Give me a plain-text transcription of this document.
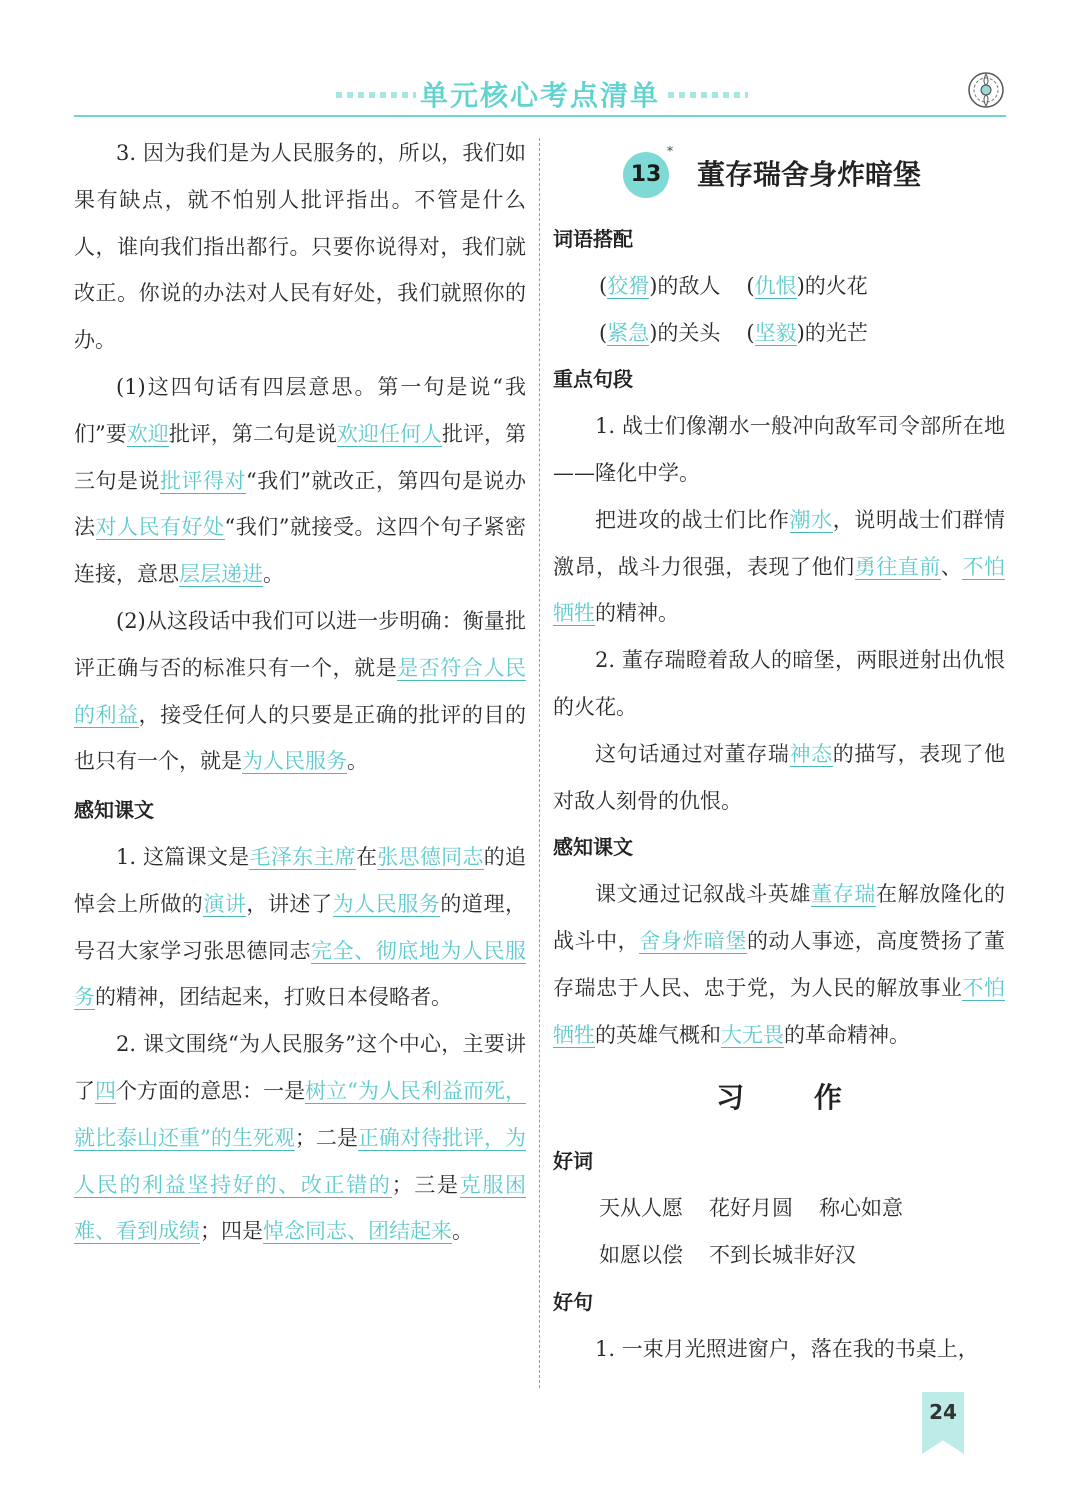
单元核心考点清单

3. 因为我们是为人民服务的，所以，我们如果有缺点，就不怕别人批评指出。不管是什么人，谁向我们指出都行。只要你说得对，我们就改正。你说的办法对人民有好处，我们就照你的办。

(1)这四句话有四层意思。第一句是说“我们”要欢迎批评，第二句是说欢迎任何人批评，第三句是说批评得对“我们”就改正，第四句是说办法对人民有好处“我们”就接受。这四个句子紧密连接，意思层层递进。

(2)从这段话中我们可以进一步明确：衡量批评正确与否的标准只有一个，就是是否符合人民的利益，接受任何人的只要是正确的批评的目的也只有一个，就是为人民服务。

感知课文

1. 这篇课文是毛泽东主席在张思德同志的追悼会上所做的演讲，讲述了为人民服务的道理，号召大家学习张思德同志完全、彻底地为人民服务的精神，团结起来，打败日本侵略者。

2. 课文围绕“为人民服务”这个中心，主要讲了四个方面的意思：一是树立“为人民利益而死，就比泰山还重”的生死观；二是正确对待批评，为人民的利益坚持好的、改正错的；三是克服困难、看到成绩；四是悼念同志、团结起来。

13
*
董存瑞舍身炸暗堡

词语搭配

(狡猾)的敌人 (仇恨)的火花

(紧急)的关头 (坚毅)的光芒

重点句段

1. 战士们像潮水一般冲向敌军司令部所在地——隆化中学。

把进攻的战士们比作潮水，说明战士们群情激昂，战斗力很强，表现了他们勇往直前、不怕牺牲的精神。

2. 董存瑞瞪着敌人的暗堡，两眼迸射出仇恨的火花。

这句话通过对董存瑞神态的描写，表现了他对敌人刻骨的仇恨。

感知课文

课文通过记叙战斗英雄董存瑞在解放隆化的战斗中，舍身炸暗堡的动人事迹，高度赞扬了董存瑞忠于人民、忠于党，为人民的解放事业不怕牺牲的英雄气概和大无畏的革命精神。

习 作

好词

天从人愿 花好月圆 称心如意

如愿以偿 不到长城非好汉

好句

1. 一束月光照进窗户，落在我的书桌上，

24
